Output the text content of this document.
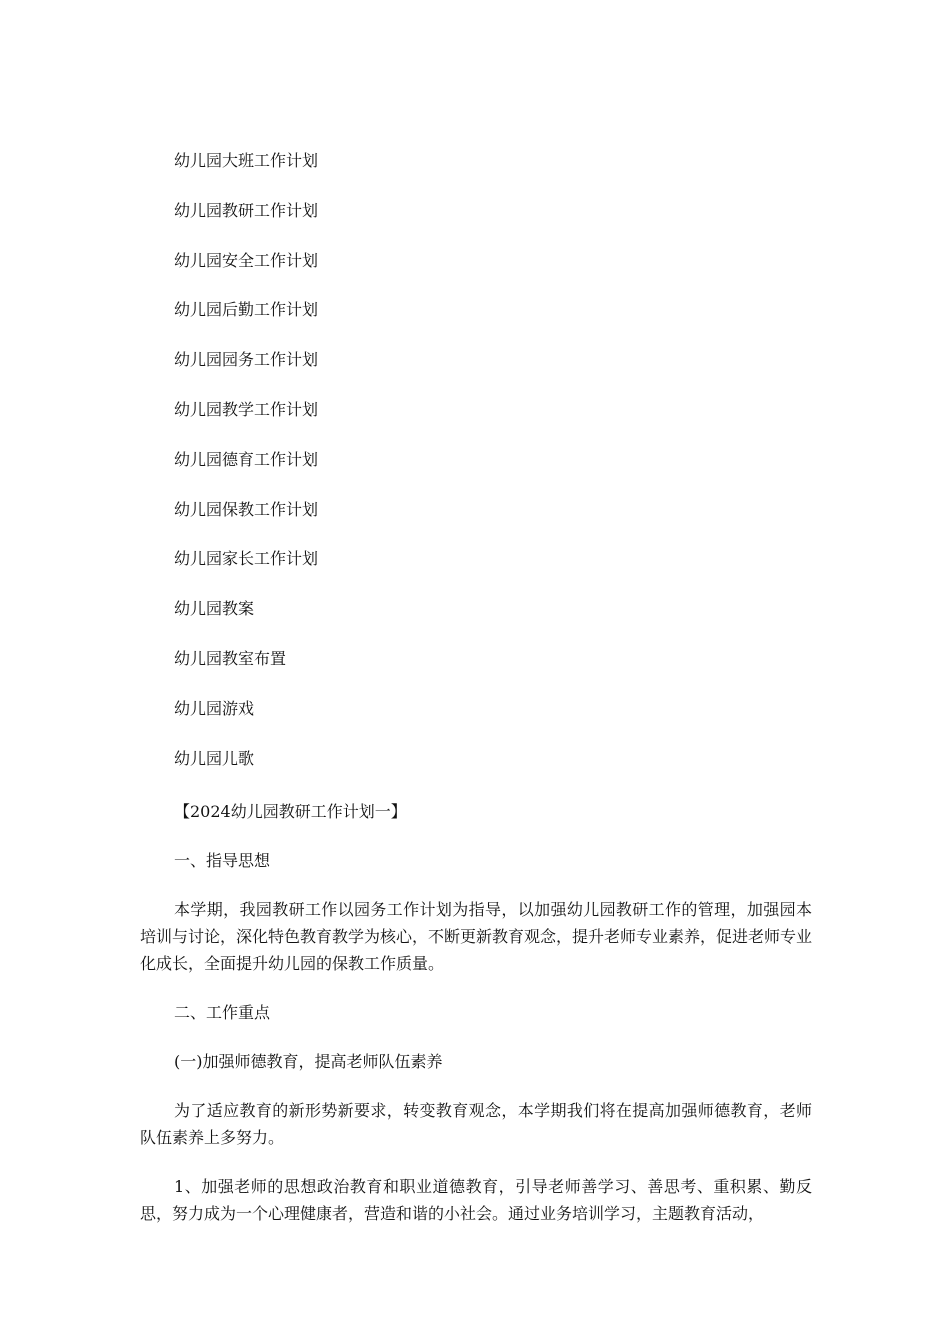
幼儿园大班工作计划
幼儿园教研工作计划
幼儿园安全工作计划
幼儿园后勤工作计划
幼儿园园务工作计划
幼儿园教学工作计划
幼儿园德育工作计划
幼儿园保教工作计划
幼儿园家长工作计划
幼儿园教案
幼儿园教室布置
幼儿园游戏
幼儿园儿歌

【2024幼儿园教研工作计划一】

一、指导思想

本学期，我园教研工作以园务工作计划为指导，以加强幼儿园教研工作的管理，加强园本培训与讨论，深化特色教育教学为核心，不断更新教育观念，提升老师专业素养，促进老师专业化成长，全面提升幼儿园的保教工作质量。

二、工作重点

(一)加强师德教育，提高老师队伍素养

为了适应教育的新形势新要求，转变教育观念，本学期我们将在提高加强师德教育，老师队伍素养上多努力。

1、加强老师的思想政治教育和职业道德教育，引导老师善学习、善思考、重积累、勤反思，努力成为一个心理健康者，营造和谐的小社会。通过业务培训学习，主题教育活动，
